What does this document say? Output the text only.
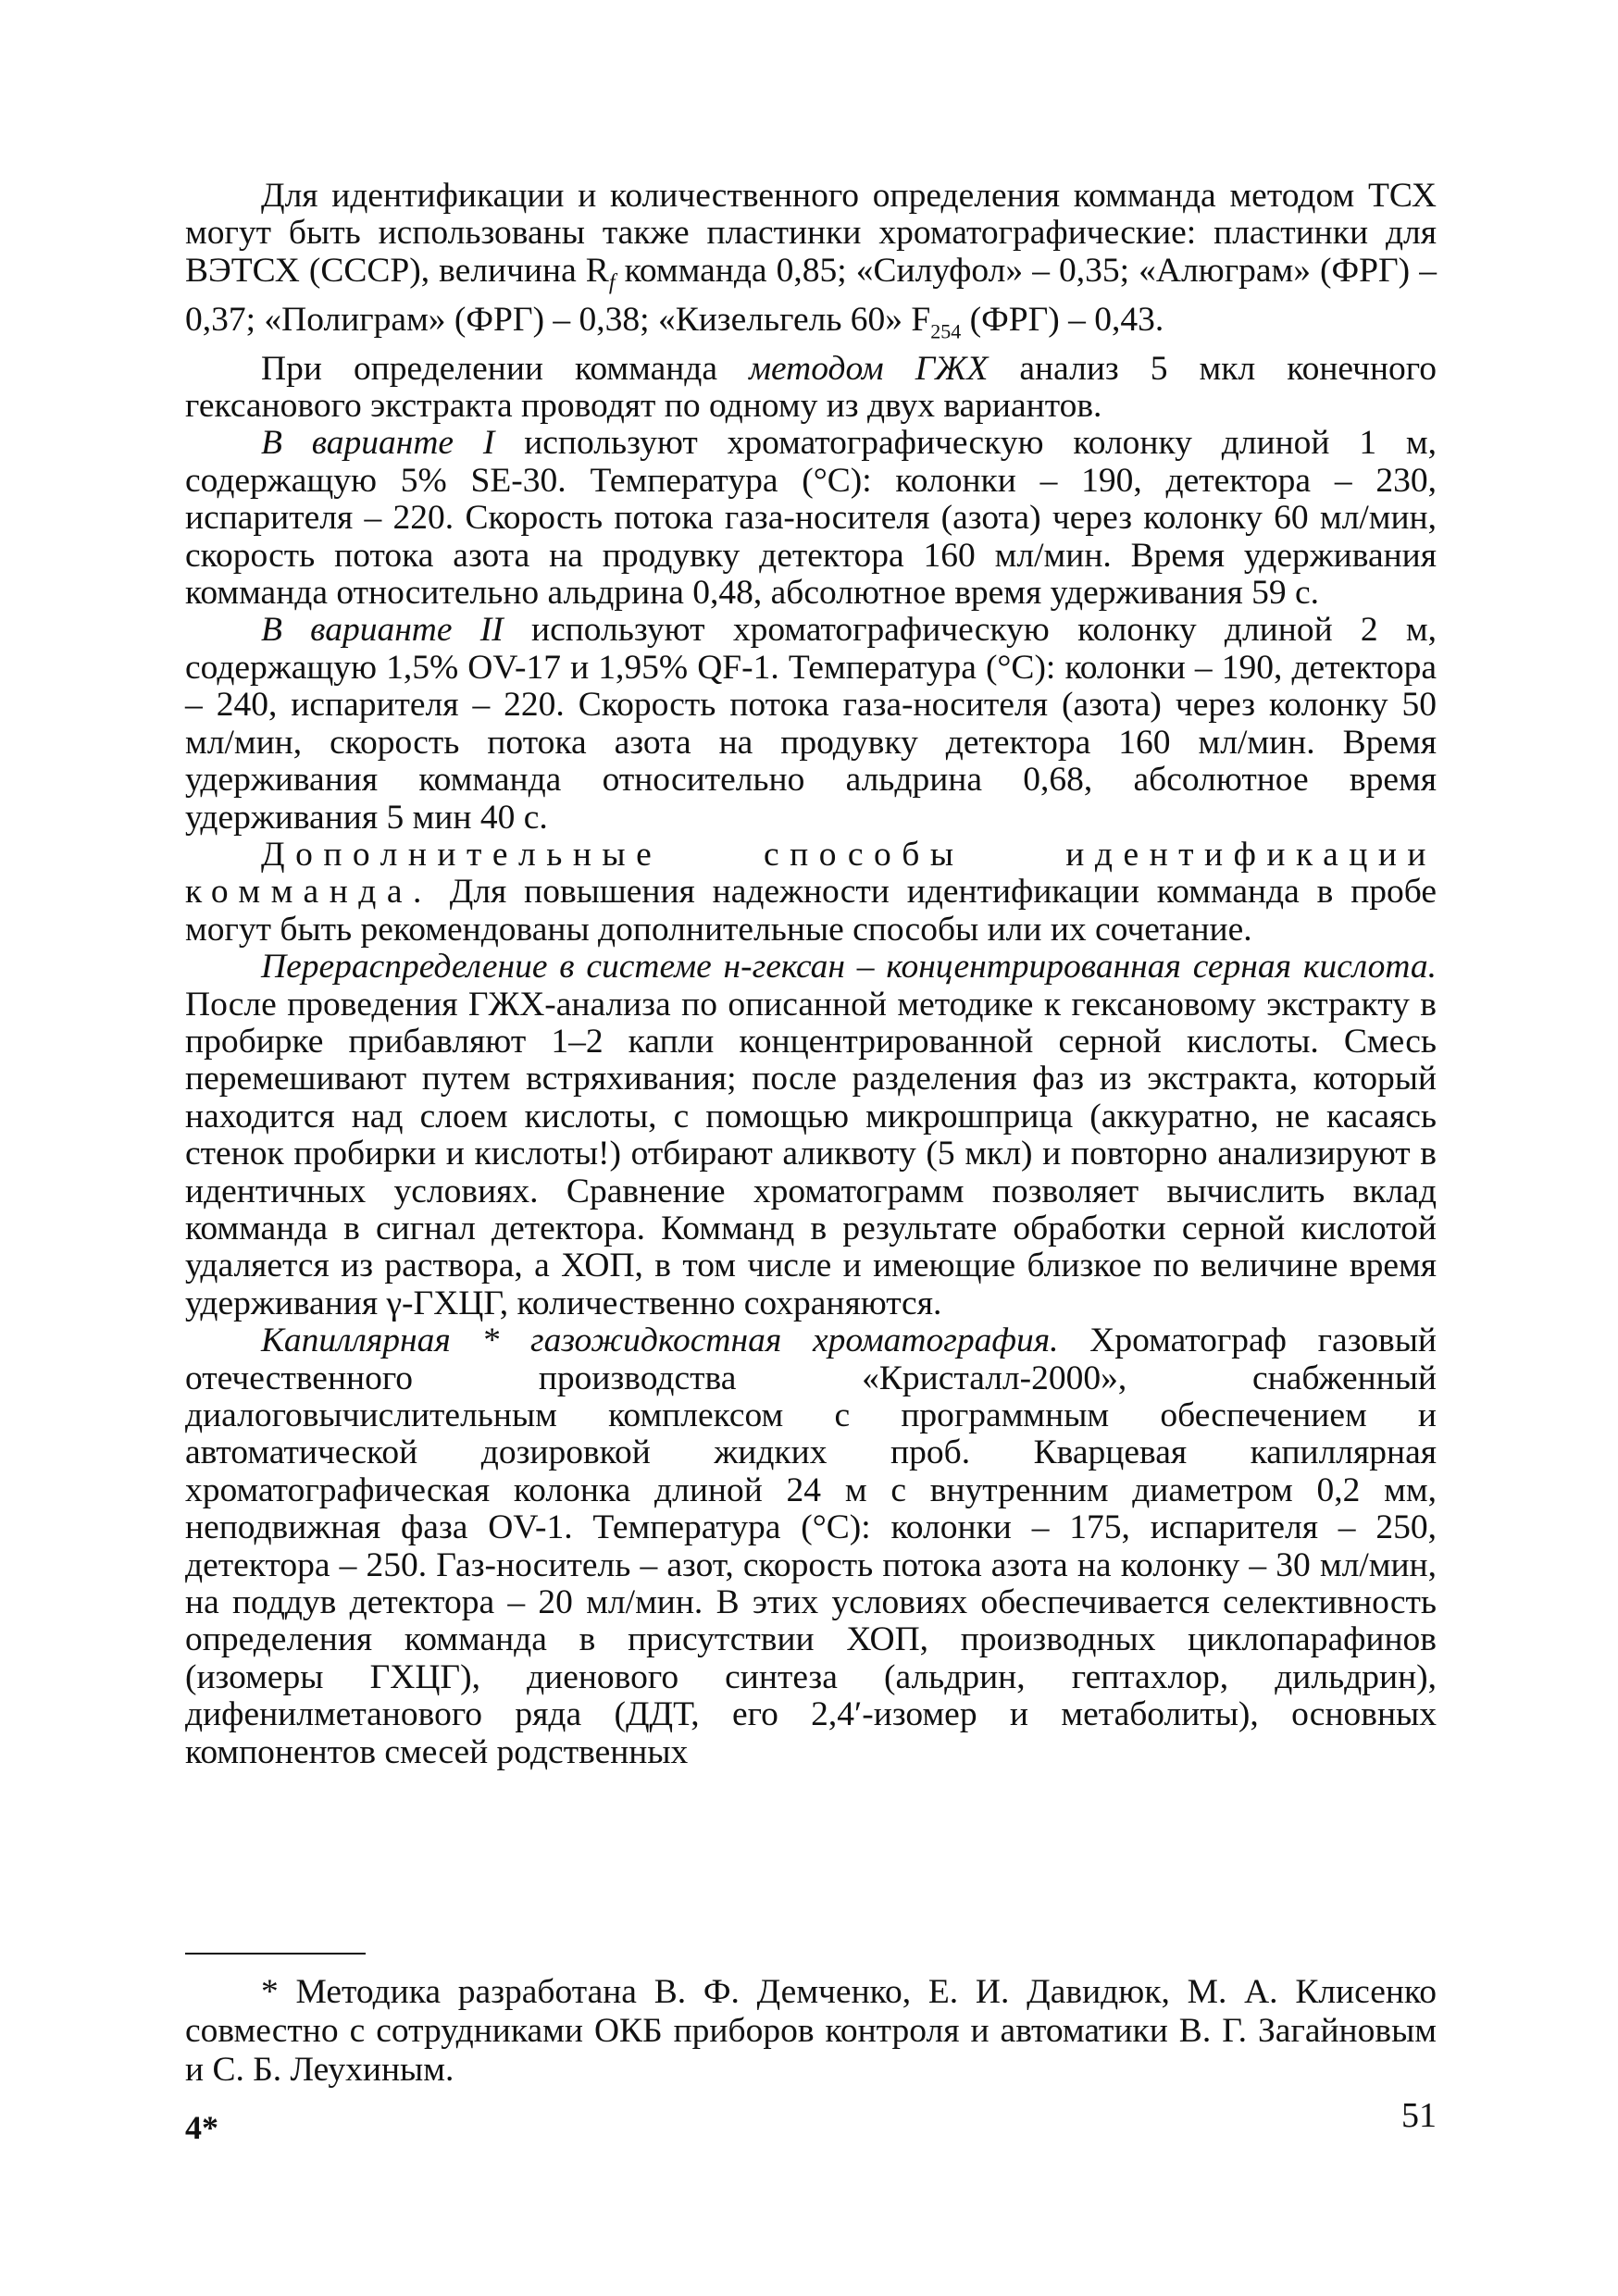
Для идентификации и количественного определения комманда методом ТСХ могут быть использованы также пластинки хроматографические: пластинки для ВЭТСХ (СССР), величина $R_f$ комманда 0,85; «Силуфол» – 0,35; «Алюграм» (ФРГ) – 0,37; «Полиграм» (ФРГ) – 0,38; «Кизельгель 60» $F_{254}$ (ФРГ) – 0,43.

При определении комманда методом ГЖХ анализ 5 мкл конечного гексанового экстракта проводят по одному из двух вариантов.

В варианте I используют хроматографическую колонку длиной 1 м, содержащую 5% SE-30. Температура (°С): колонки – 190, детектора – 230, испарителя – 220. Скорость потока газа-носителя (азота) через колонку 60 мл/мин, скорость потока азота на продувку детектора 160 мл/мин. Время удерживания комманда относительно альдрина 0,48, абсолютное время удерживания 59 с.

В варианте II используют хроматографическую колонку длиной 2 м, содержащую 1,5% OV-17 и 1,95% QF-1. Температура (°С): колонки – 190, детектора – 240, испарителя – 220. Скорость потока газа-носителя (азота) через колонку 50 мл/мин, скорость потока азота на продувку детектора 160 мл/мин. Время удерживания комманда относительно альдрина 0,68, абсолютное время удерживания 5 мин 40 с.

Дополнительные способы идентификации комманда. Для повышения надежности идентификации комманда в пробе могут быть рекомендованы дополнительные способы или их сочетание.

Перераспределение в системе н-гексан – концентрированная серная кислота. После проведения ГЖХ-анализа по описанной методике к гексановому экстракту в пробирке прибавляют 1–2 капли концентрированной серной кислоты. Смесь перемешивают путем встряхивания; после разделения фаз из экстракта, который находится над слоем кислоты, с помощью микрошприца (аккуратно, не касаясь стенок пробирки и кислоты!) отбирают аликвоту (5 мкл) и повторно анализируют в идентичных условиях. Сравнение хроматограмм позволяет вычислить вклад комманда в сигнал детектора. Комманд в результате обработки серной кислотой удаляется из раствора, а ХОП, в том числе и имеющие близкое по величине время удерживания γ-ГХЦГ, количественно сохраняются.

Капиллярная * газожидкостная хроматография. Хроматограф газовый отечественного производства «Кристалл-2000», снабженный диалоговычислительным комплексом с программным обеспечением и автоматической дозировкой жидких проб. Кварцевая капиллярная хроматографическая колонка длиной 24 м с внутренним диаметром 0,2 мм, неподвижная фаза OV-1. Температура (°С): колонки – 175, испарителя – 250, детектора – 250. Газ-носитель – азот, скорость потока азота на колонку – 30 мл/мин, на поддув детектора – 20 мл/мин. В этих условиях обеспечивается селективность определения комманда в присутствии ХОП, производных циклопарафинов (изомеры ГХЦГ), диенового синтеза (альдрин, гептахлор, дильдрин), дифенилметанового ряда (ДДТ, его 2,4′-изомер и метаболиты), основных компонентов смесей родственных

* Методика разработана В. Ф. Демченко, Е. И. Давидюк, М. А. Клисенко совместно с сотрудниками ОКБ приборов контроля и автоматики В. Г. Загайновым и С. Б. Леухиным.

4*	51
